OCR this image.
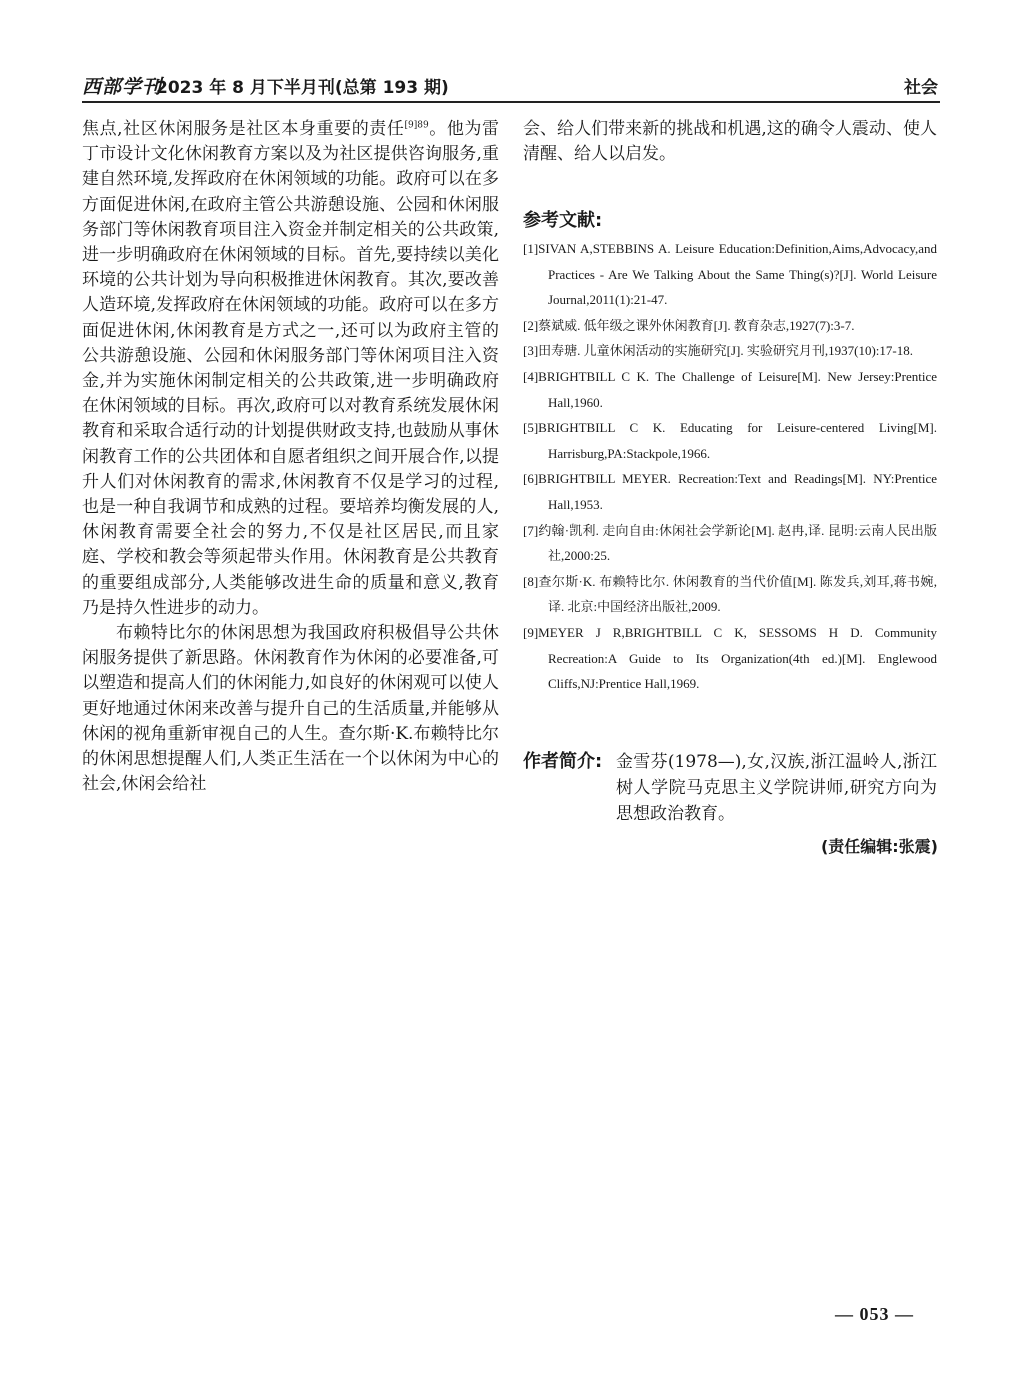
西部学刊
2023 年 8 月下半月刊(总第 193 期)	社会

焦点,社区休闲服务是社区本身重要的责任$^{[9]89}$。他为雷丁市设计文化休闲教育方案以及为社区提供咨询服务,重建自然环境,发挥政府在休闲领域的功能。政府可以在多方面促进休闲,在政府主管公共游憩设施、公园和休闲服务部门等休闲教育项目注入资金并制定相关的公共政策,进一步明确政府在休闲领域的目标。首先,要持续以美化环境的公共计划为导向积极推进休闲教育。其次,要改善人造环境,发挥政府在休闲领域的功能。政府可以在多方面促进休闲,休闲教育是方式之一,还可以为政府主管的公共游憩设施、公园和休闲服务部门等休闲项目注入资金,并为实施休闲制定相关的公共政策,进一步明确政府在休闲领域的目标。再次,政府可以对教育系统发展休闲教育和采取合适行动的计划提供财政支持,也鼓励从事休闲教育工作的公共团体和自愿者组织之间开展合作,以提升人们对休闲教育的需求,休闲教育不仅是学习的过程,也是一种自我调节和成熟的过程。要培养均衡发展的人,休闲教育需要全社会的努力,不仅是社区居民,而且家庭、学校和教会等须起带头作用。休闲教育是公共教育的重要组成部分,人类能够改进生命的质量和意义,教育乃是持久性进步的动力。

布赖特比尔的休闲思想为我国政府积极倡导公共休闲服务提供了新思路。休闲教育作为休闲的必要准备,可以塑造和提高人们的休闲能力,如良好的休闲观可以使人更好地通过休闲来改善与提升自己的生活质量,并能够从休闲的视角重新审视自己的人生。查尔斯·K.布赖特比尔的休闲思想提醒人们,人类正生活在一个以休闲为中心的社会,休闲会给社

会、给人们带来新的挑战和机遇,这的确令人震动、使人清醒、给人以启发。

参考文献:
[1]SIVAN A,STEBBINS A. Leisure Education:Definition,Aims,Advocacy,and Practices - Are We Talking About the Same Thing(s)?[J]. World Leisure Journal,2011(1):21-47.
[2]蔡斌威. 低年级之课外休闲教育[J]. 教育杂志,1927(7):3-7.
[3]田寿瑭. 儿童休闲活动的实施研究[J]. 实验研究月刊,1937(10):17-18.
[4]BRIGHTBILL C K. The Challenge of Leisure[M]. New Jersey:Prentice Hall,1960.
[5]BRIGHTBILL C K. Educating for Leisure-centered Living[M]. Harrisburg,PA:Stackpole,1966.
[6]BRIGHTBILL MEYER. Recreation:Text and Readings[M]. NY:Prentice Hall,1953.
[7]约翰·凯利. 走向自由:休闲社会学新论[M]. 赵冉,译. 昆明:云南人民出版社,2000:25.
[8]查尔斯·K. 布赖特比尔. 休闲教育的当代价值[M]. 陈发兵,刘耳,蒋书婉,译. 北京:中国经济出版社,2009.
[9]MEYER J R,BRIGHTBILL C K, SESSOMS H D. Community Recreation:A Guide to Its Organization(4th ed.)[M]. Englewood Cliffs,NJ:Prentice Hall,1969.
作者简介: 金雪芬(1978—),女,汉族,浙江温岭人,浙江树人学院马克思主义学院讲师,研究方向为思想政治教育。
(责任编辑:张震)
— 053 —
